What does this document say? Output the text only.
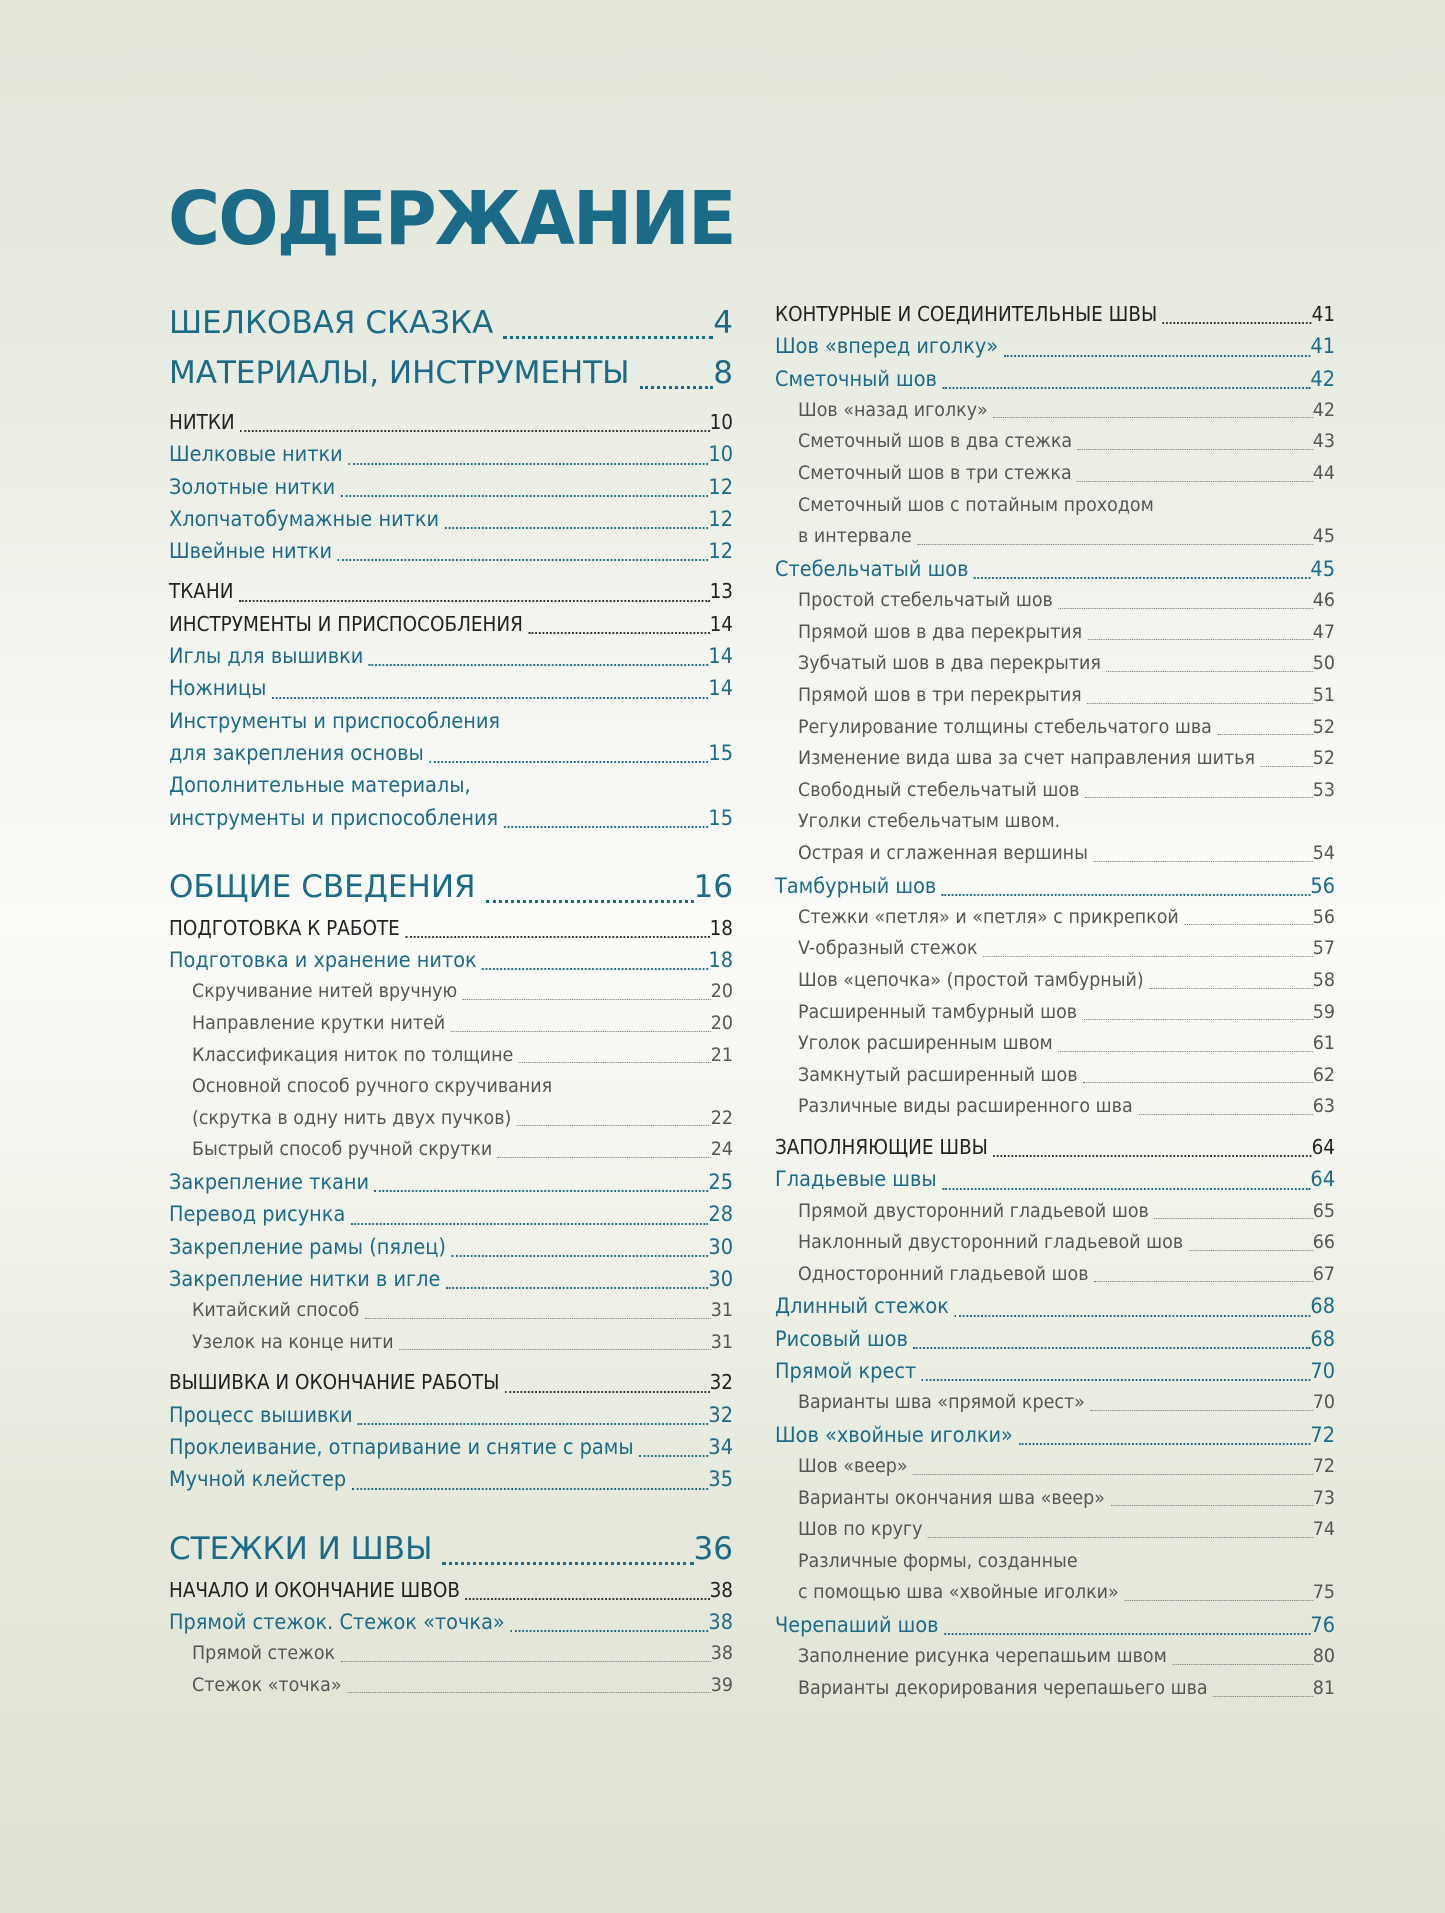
СОДЕРЖАНИЕ
ШЕЛКОВАЯ СКАЗКА	4
МАТЕРИАЛЫ, ИНСТРУМЕНТЫ	8
НИТКИ	10
Шелковые нитки	10
Золотные нитки	12
Хлопчатобумажные нитки	12
Швейные нитки	12
ТКАНИ	13
ИНСТРУМЕНТЫ И ПРИСПОСОБЛЕНИЯ	14
Иглы для вышивки	14
Ножницы	14
Инструменты и приспособления
для закрепления основы	15
Дополнительные материалы,
инструменты и приспособления	15
ОБЩИЕ СВЕДЕНИЯ	16
ПОДГОТОВКА К РАБОТЕ	18
Подготовка и хранение ниток	18
Скручивание нитей вручную	20
Направление крутки нитей	20
Классификация ниток по толщине	21
Основной способ ручного скручивания
(скрутка в одну нить двух пучков)	22
Быстрый способ ручной скрутки	24
Закрепление ткани	25
Перевод рисунка	28
Закрепление рамы (пялец)	30
Закрепление нитки в игле	30
Китайский способ	31
Узелок на конце нити	31
ВЫШИВКА И ОКОНЧАНИЕ РАБОТЫ	32
Процесс вышивки	32
Проклеивание, отпаривание и снятие с рамы	34
Мучной клейстер	35
СТЕЖКИ И ШВЫ	36
НАЧАЛО И ОКОНЧАНИЕ ШВОВ	38
Прямой стежок. Стежок «точка»	38
Прямой стежок	38
Стежок «точка»	39
КОНТУРНЫЕ И СОЕДИНИТЕЛЬНЫЕ ШВЫ	41
Шов «вперед иголку»	41
Сметочный шов	42
Шов «назад иголку»	42
Сметочный шов в два стежка	43
Сметочный шов в три стежка	44
Сметочный шов с потайным проходом
в интервале	45
Стебельчатый шов	45
Простой стебельчатый шов	46
Прямой шов в два перекрытия	47
Зубчатый шов в два перекрытия	50
Прямой шов в три перекрытия	51
Регулирование толщины стебельчатого шва	52
Изменение вида шва за счет направления шитья	52
Свободный стебельчатый шов	53
Уголки стебельчатым швом.
Острая и сглаженная вершины	54
Тамбурный шов	56
Стежки «петля» и «петля» с прикрепкой	56
V-образный стежок	57
Шов «цепочка» (простой тамбурный)	58
Расширенный тамбурный шов	59
Уголок расширенным швом	61
Замкнутый расширенный шов	62
Различные виды расширенного шва	63
ЗАПОЛНЯЮЩИЕ ШВЫ	64
Гладьевые швы	64
Прямой двусторонний гладьевой шов	65
Наклонный двусторонний гладьевой шов	66
Односторонний гладьевой шов	67
Длинный стежок	68
Рисовый шов	68
Прямой крест	70
Варианты шва «прямой крест»	70
Шов «хвойные иголки»	72
Шов «веер»	72
Варианты окончания шва «веер»	73
Шов по кругу	74
Различные формы, созданные
с помощью шва «хвойные иголки»	75
Черепаший шов	76
Заполнение рисунка черепашьим швом	80
Варианты декорирования черепашьего шва	81
